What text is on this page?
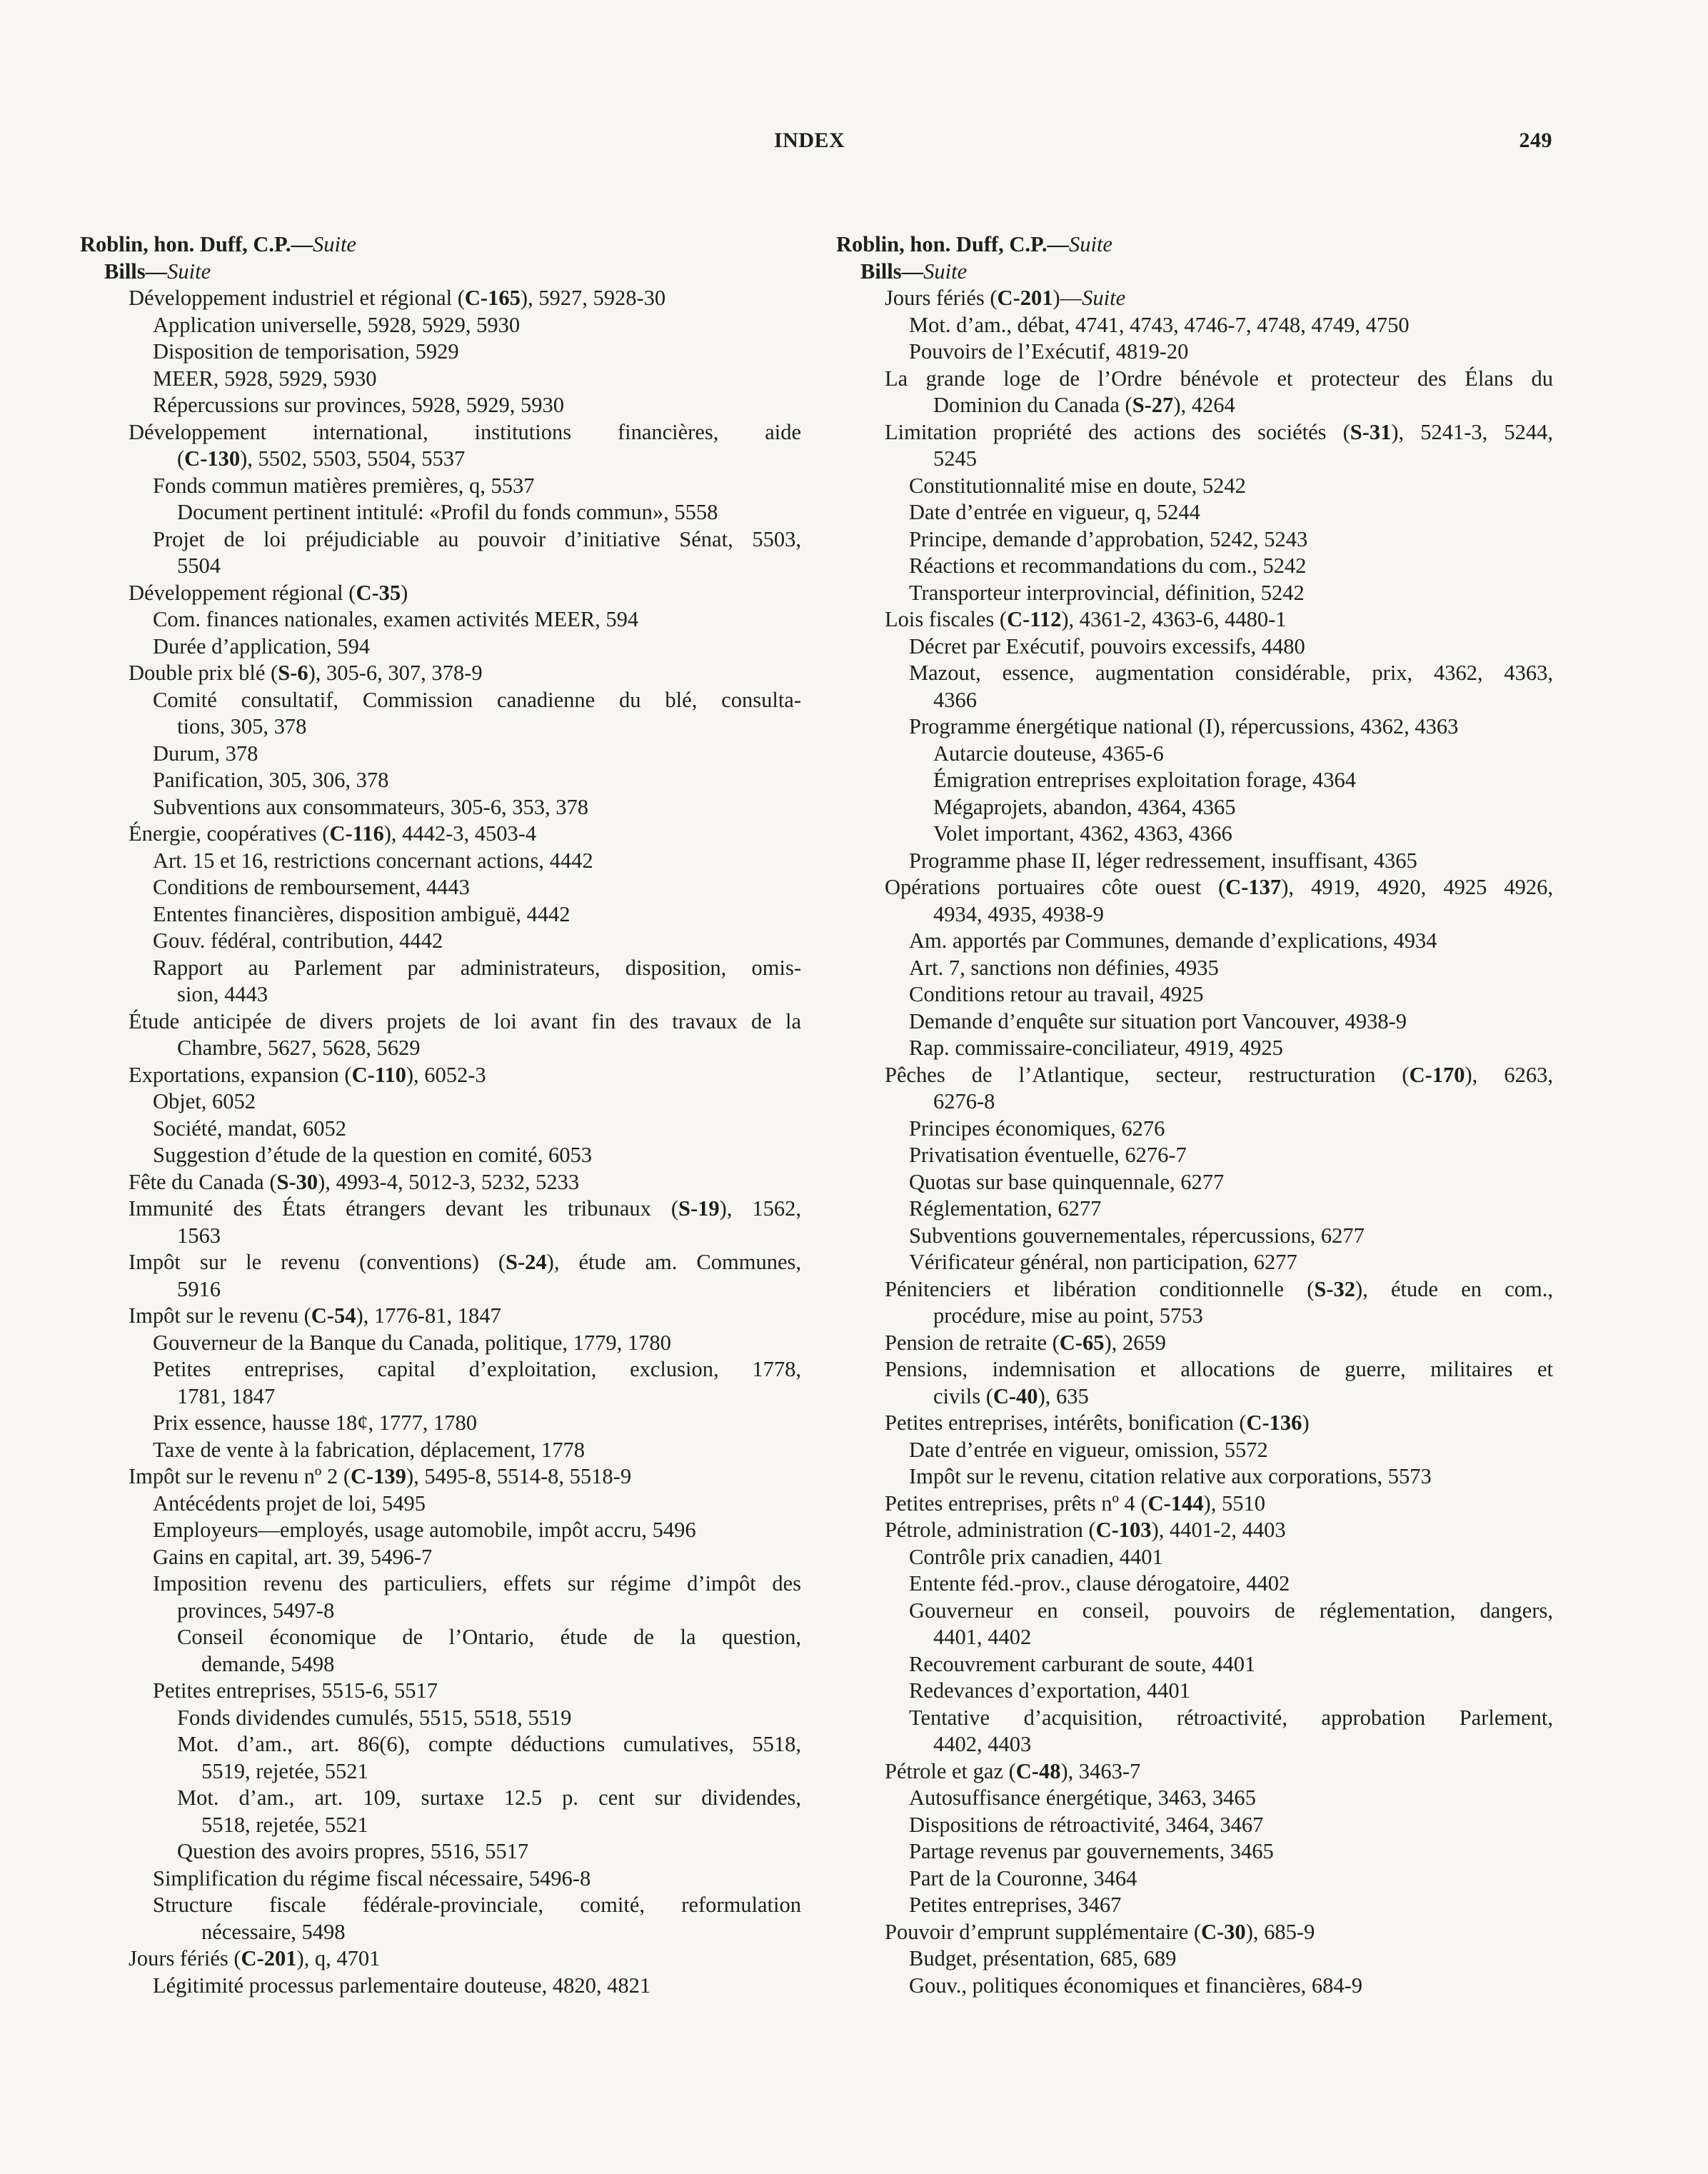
INDEX	249
Roblin, hon. Duff, C.P.—Suite
Bills—Suite
Développement industriel et régional (C-165), 5927, 5928-30
Application universelle, 5928, 5929, 5930
Disposition de temporisation, 5929
MEER, 5928, 5929, 5930
Répercussions sur provinces, 5928, 5929, 5930
Développement international, institutions financières, aide
(C-130), 5502, 5503, 5504, 5537
Fonds commun matières premières, q, 5537
Document pertinent intitulé: «Profil du fonds commun», 5558
Projet de loi préjudiciable au pouvoir d’initiative Sénat, 5503,
5504
Développement régional (C-35)
Com. finances nationales, examen activités MEER, 594
Durée d’application, 594
Double prix blé (S-6), 305-6, 307, 378-9
Comité consultatif, Commission canadienne du blé, consulta-
tions, 305, 378
Durum, 378
Panification, 305, 306, 378
Subventions aux consommateurs, 305-6, 353, 378
Énergie, coopératives (C-116), 4442-3, 4503-4
Art. 15 et 16, restrictions concernant actions, 4442
Conditions de remboursement, 4443
Ententes financières, disposition ambiguë, 4442
Gouv. fédéral, contribution, 4442
Rapport au Parlement par administrateurs, disposition, omis-
sion, 4443
Étude anticipée de divers projets de loi avant fin des travaux de la
Chambre, 5627, 5628, 5629
Exportations, expansion (C-110), 6052-3
Objet, 6052
Société, mandat, 6052
Suggestion d’étude de la question en comité, 6053
Fête du Canada (S-30), 4993-4, 5012-3, 5232, 5233
Immunité des États étrangers devant les tribunaux (S-19), 1562,
1563
Impôt sur le revenu (conventions) (S-24), étude am. Communes,
5916
Impôt sur le revenu (C-54), 1776-81, 1847
Gouverneur de la Banque du Canada, politique, 1779, 1780
Petites entreprises, capital d’exploitation, exclusion, 1778,
1781, 1847
Prix essence, hausse 18¢, 1777, 1780
Taxe de vente à la fabrication, déplacement, 1778
Impôt sur le revenu nº 2 (C-139), 5495-8, 5514-8, 5518-9
Antécédents projet de loi, 5495
Employeurs—employés, usage automobile, impôt accru, 5496
Gains en capital, art. 39, 5496-7
Imposition revenu des particuliers, effets sur régime d’impôt des
provinces, 5497-8
Conseil économique de l’Ontario, étude de la question,
demande, 5498
Petites entreprises, 5515-6, 5517
Fonds dividendes cumulés, 5515, 5518, 5519
Mot. d’am., art. 86(6), compte déductions cumulatives, 5518,
5519, rejetée, 5521
Mot. d’am., art. 109, surtaxe 12.5 p. cent sur dividendes,
5518, rejetée, 5521
Question des avoirs propres, 5516, 5517
Simplification du régime fiscal nécessaire, 5496-8
Structure fiscale fédérale-provinciale, comité, reformulation
nécessaire, 5498
Jours fériés (C-201), q, 4701
Légitimité processus parlementaire douteuse, 4820, 4821
Roblin, hon. Duff, C.P.—Suite
Bills—Suite
Jours fériés (C-201)—Suite
Mot. d’am., débat, 4741, 4743, 4746-7, 4748, 4749, 4750
Pouvoirs de l’Exécutif, 4819-20
La grande loge de l’Ordre bénévole et protecteur des Élans du
Dominion du Canada (S-27), 4264
Limitation propriété des actions des sociétés (S-31), 5241-3, 5244,
5245
Constitutionnalité mise en doute, 5242
Date d’entrée en vigueur, q, 5244
Principe, demande d’approbation, 5242, 5243
Réactions et recommandations du com., 5242
Transporteur interprovincial, définition, 5242
Lois fiscales (C-112), 4361-2, 4363-6, 4480-1
Décret par Exécutif, pouvoirs excessifs, 4480
Mazout, essence, augmentation considérable, prix, 4362, 4363,
4366
Programme énergétique national (I), répercussions, 4362, 4363
Autarcie douteuse, 4365-6
Émigration entreprises exploitation forage, 4364
Mégaprojets, abandon, 4364, 4365
Volet important, 4362, 4363, 4366
Programme phase II, léger redressement, insuffisant, 4365
Opérations portuaires côte ouest (C-137), 4919, 4920, 4925 4926,
4934, 4935, 4938-9
Am. apportés par Communes, demande d’explications, 4934
Art. 7, sanctions non définies, 4935
Conditions retour au travail, 4925
Demande d’enquête sur situation port Vancouver, 4938-9
Rap. commissaire-conciliateur, 4919, 4925
Pêches de l’Atlantique, secteur, restructuration (C-170), 6263,
6276-8
Principes économiques, 6276
Privatisation éventuelle, 6276-7
Quotas sur base quinquennale, 6277
Réglementation, 6277
Subventions gouvernementales, répercussions, 6277
Vérificateur général, non participation, 6277
Pénitenciers et libération conditionnelle (S-32), étude en com.,
procédure, mise au point, 5753
Pension de retraite (C-65), 2659
Pensions, indemnisation et allocations de guerre, militaires et
civils (C-40), 635
Petites entreprises, intérêts, bonification (C-136)
Date d’entrée en vigueur, omission, 5572
Impôt sur le revenu, citation relative aux corporations, 5573
Petites entreprises, prêts nº 4 (C-144), 5510
Pétrole, administration (C-103), 4401-2, 4403
Contrôle prix canadien, 4401
Entente féd.-prov., clause dérogatoire, 4402
Gouverneur en conseil, pouvoirs de réglementation, dangers,
4401, 4402
Recouvrement carburant de soute, 4401
Redevances d’exportation, 4401
Tentative d’acquisition, rétroactivité, approbation Parlement,
4402, 4403
Pétrole et gaz (C-48), 3463-7
Autosuffisance énergétique, 3463, 3465
Dispositions de rétroactivité, 3464, 3467
Partage revenus par gouvernements, 3465
Part de la Couronne, 3464
Petites entreprises, 3467
Pouvoir d’emprunt supplémentaire (C-30), 685-9
Budget, présentation, 685, 689
Gouv., politiques économiques et financières, 684-9
